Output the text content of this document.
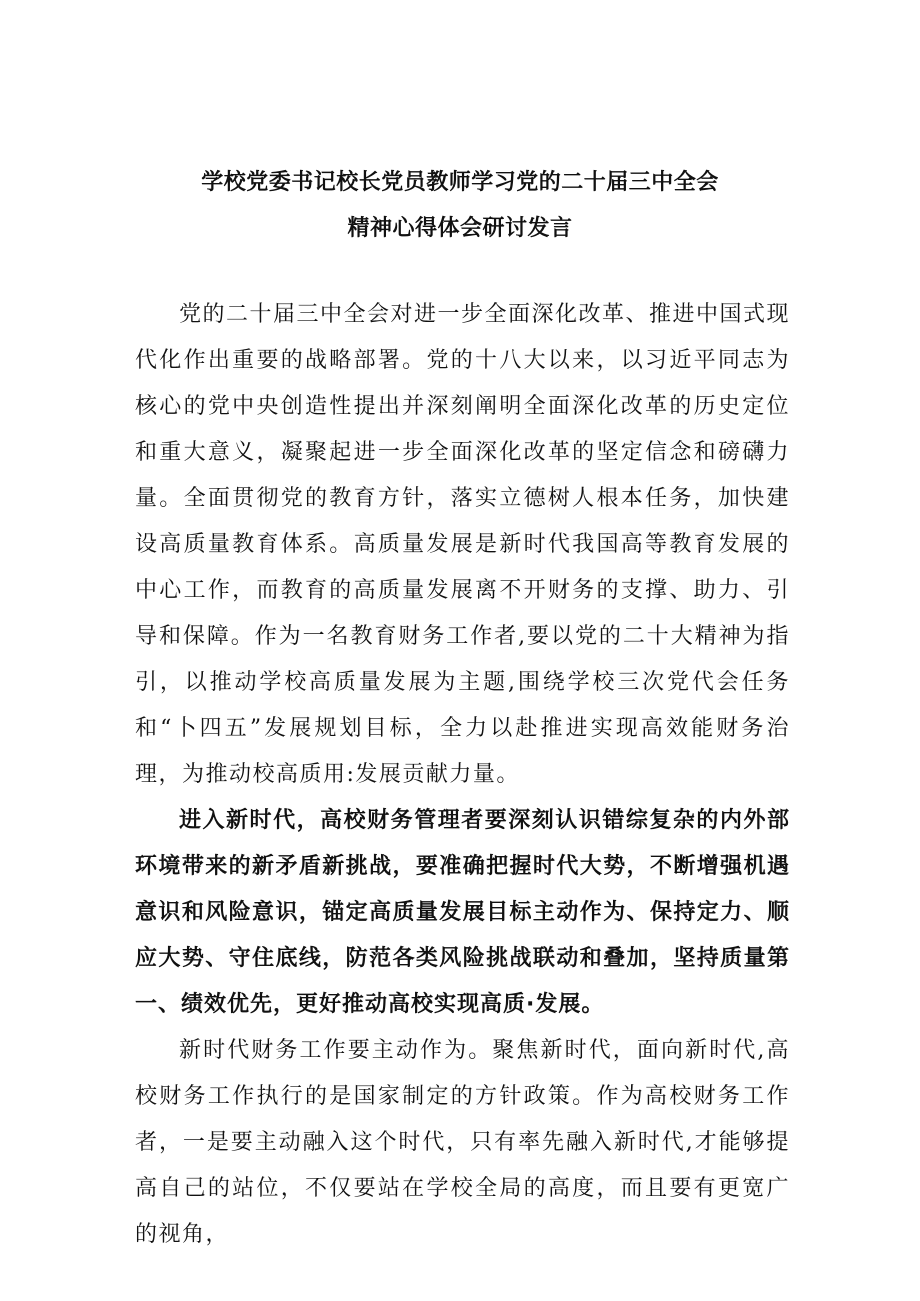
学校党委书记校长党员教师学习党的二十届三中全会
精神心得体会研讨发言

党的二十届三中全会对进一步全面深化改革、推进中国式现代化作出重要的战略部署。党的十八大以来，以习近平同志为核心的党中央创造性提出并深刻阐明全面深化改革的历史定位和重大意义，凝聚起进一步全面深化改革的坚定信念和磅礴力量。全面贯彻党的教育方针，落实立德树人根本任务，加快建设高质量教育体系。高质量发展是新时代我国高等教育发展的中心工作，而教育的高质量发展离不开财务的支撑、助力、引导和保障。作为一名教育财务工作者,要以党的二十大精神为指引，以推动学校高质量发展为主题,围绕学校三次党代会任务和“卜四五”发展规划目标，全力以赴推进实现高效能财务治理，为推动校高质用:发展贡献力量。

进入新时代，高校财务管理者要深刻认识错综复杂的内外部环境带来的新矛盾新挑战，要准确把握时代大势，不断增强机遇意识和风险意识，锚定高质量发展目标主动作为、保持定力、顺应大势、守住底线，防范各类风险挑战联动和叠加，坚持质量第一、绩效优先，更好推动高校实现高质·发展。

新时代财务工作要主动作为。聚焦新时代，面向新时代,高校财务工作执行的是国家制定的方针政策。作为高校财务工作者，一是要主动融入这个时代，只有率先融入新时代,才能够提高自己的站位，不仅要站在学校全局的高度，而且要有更宽广的视角，
